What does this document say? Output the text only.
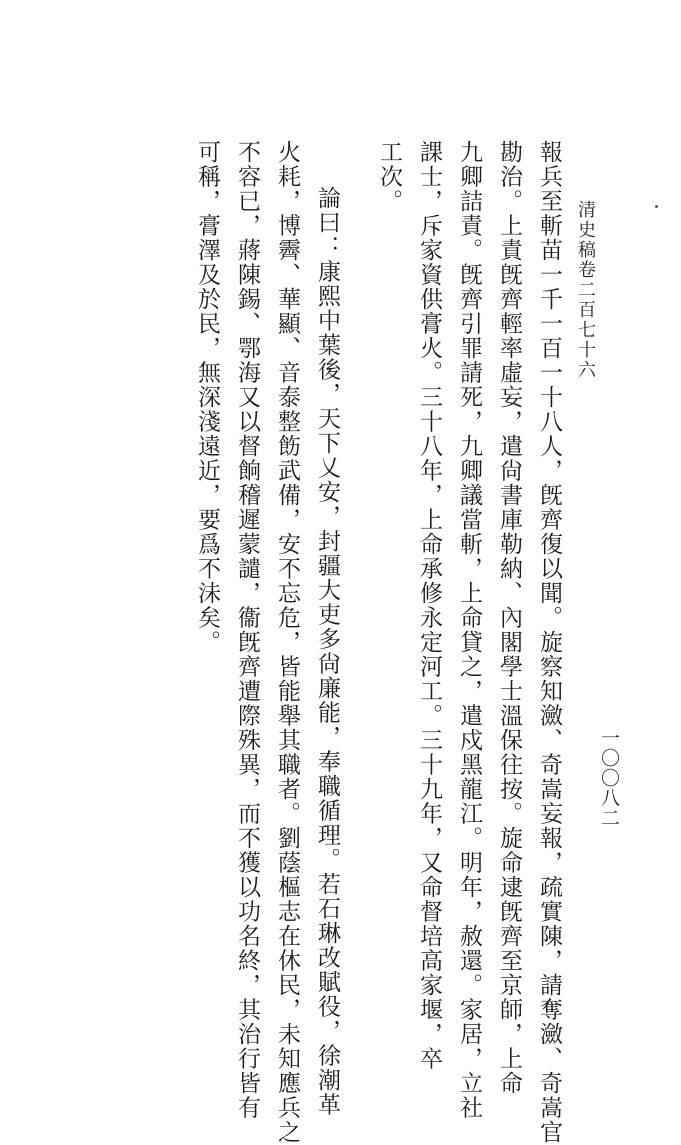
清史稿卷二百七十六
一〇〇八二

報兵至斬苗一千一百一十八人，旣齊復以聞。旋察知瀲、奇嵩妄報，疏實陳，請奪瀲、奇嵩官

勘治。上責旣齊輕率虛妄，遣尙書庫勒納、內閣學士溫保往按。旋命逮旣齊至京師，上命

九卿詰責。旣齊引罪請死，九卿議當斬，上命貸之，遣戍黑龍江。明年，赦還。家居，立社

課士，斥家資供膏火。三十八年，上命承修永定河工。三十九年，又命督培高家堰，卒

工次。

論曰：康熙中葉後，天下乂安，封疆大吏多尙廉能，奉職循理。若石琳改賦役，徐潮革

火耗，博霽、華顯、音泰整飭武備，安不忘危，皆能舉其職者。劉蔭樞志在休民，未知應兵之

不容已，蔣陳錫、鄂海又以督餉稽遲蒙譴，衞旣齊遭際殊異，而不獲以功名終，其治行皆有

可稱，膏澤及於民，無深淺遠近，要爲不沬矣。
